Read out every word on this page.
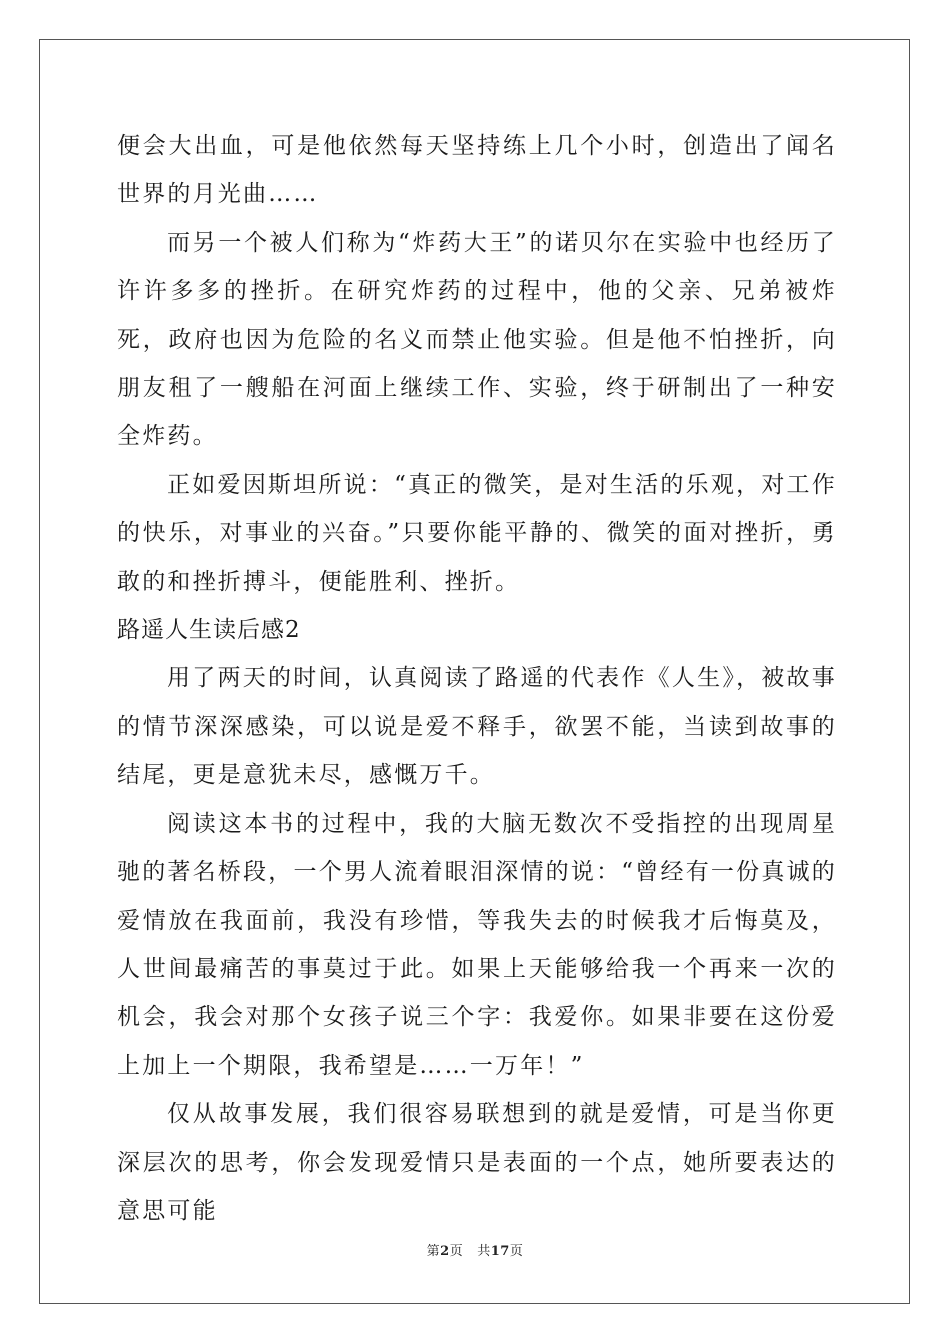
便会大出血，可是他依然每天坚持练上几个小时，创造出了闻名世界的月光曲……

而另一个被人们称为“炸药大王”的诺贝尔在实验中也经历了许许多多的挫折。在研究炸药的过程中，他的父亲、兄弟被炸死，政府也因为危险的名义而禁止他实验。但是他不怕挫折，向朋友租了一艘船在河面上继续工作、实验，终于研制出了一种安全炸药。

正如爱因斯坦所说：“真正的微笑，是对生活的乐观，对工作的快乐，对事业的兴奋。”只要你能平静的、微笑的面对挫折，勇敢的和挫折搏斗，便能胜利、挫折。

路遥人生读后感2

用了两天的时间，认真阅读了路遥的代表作《人生》，被故事的情节深深感染，可以说是爱不释手，欲罢不能，当读到故事的结尾，更是意犹未尽，感慨万千。

阅读这本书的过程中，我的大脑无数次不受指控的出现周星驰的著名桥段，一个男人流着眼泪深情的说：“曾经有一份真诚的爱情放在我面前，我没有珍惜，等我失去的时候我才后悔莫及，人世间最痛苦的事莫过于此。如果上天能够给我一个再来一次的机会，我会对那个女孩子说三个字：我爱你。如果非要在这份爱上加上一个期限，我希望是……一万年！”

仅从故事发展，我们很容易联想到的就是爱情，可是当你更深层次的思考，你会发现爱情只是表面的一个点，她所要表达的意思可能

第2页 共17页
